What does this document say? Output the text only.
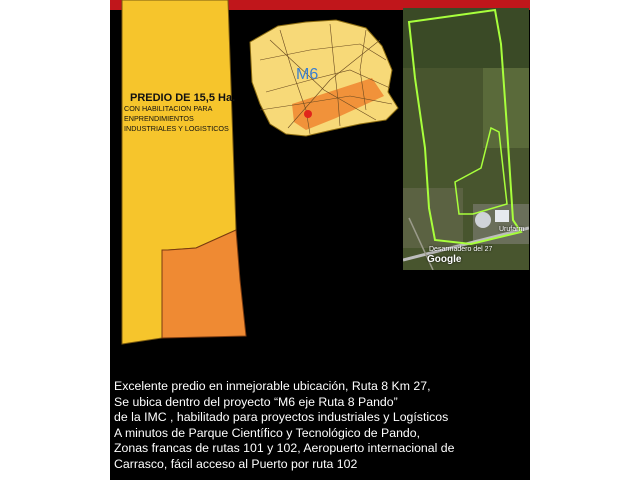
PREDIO DE 15,5 Ha.
CON HABILITACION PARA ENPRENDIMIENTOS INDUSTRIALES Y LOGISTICOS
M6
Urufarm
Desarmadero del 27
Google
Excelente predio en inmejorable ubicación, Ruta 8 Km 27,
Se ubica dentro del proyecto “M6 eje Ruta 8 Pando”
de la IMC , habilitado para proyectos industriales y Logísticos
A minutos de Parque Científico y Tecnológico de Pando,
Zonas francas de rutas 101 y 102, Aeropuerto internacional de
Carrasco, fácil acceso al Puerto por ruta 102
